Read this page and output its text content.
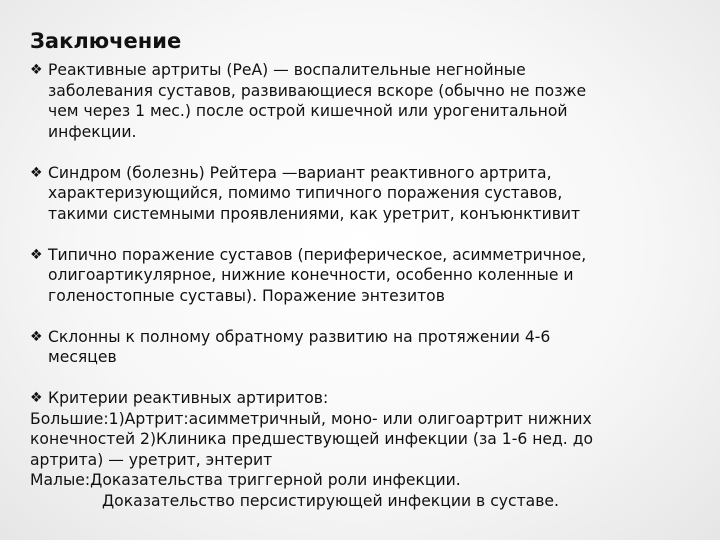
Заключение
❖ Реактивные артриты (РеА) — воспалительные негнойные
заболевания суставов, развивающиеся вскоре (обычно не позже
чем через 1 мес.) после острой кишечной или урогенитальной
инфекции.
❖ Синдром (болезнь) Рейтера —вариант реактивного артрита,
характеризующийся, помимо типичного поражения суставов,
такими системными проявлениями, как уретрит, конъюнктивит
❖ Типично поражение суставов (периферическое, асимметричное,
олигоартикулярное, нижние конечности, особенно коленные и
голеностопные суставы). Поражение энтезитов
❖ Склонны к полному обратному развитию на протяжении 4-6
месяцев
❖ Критерии реактивных артиритов:
Большие:1)Артрит:асимметричный, моно- или олигоартрит нижних
конечностей 2)Клиника предшествующей инфекции (за 1-6 нед. до
артрита) — уретрит, энтерит
Малые:Доказательства триггерной роли инфекции.
Доказательство персистирующей инфекции в суставе.
